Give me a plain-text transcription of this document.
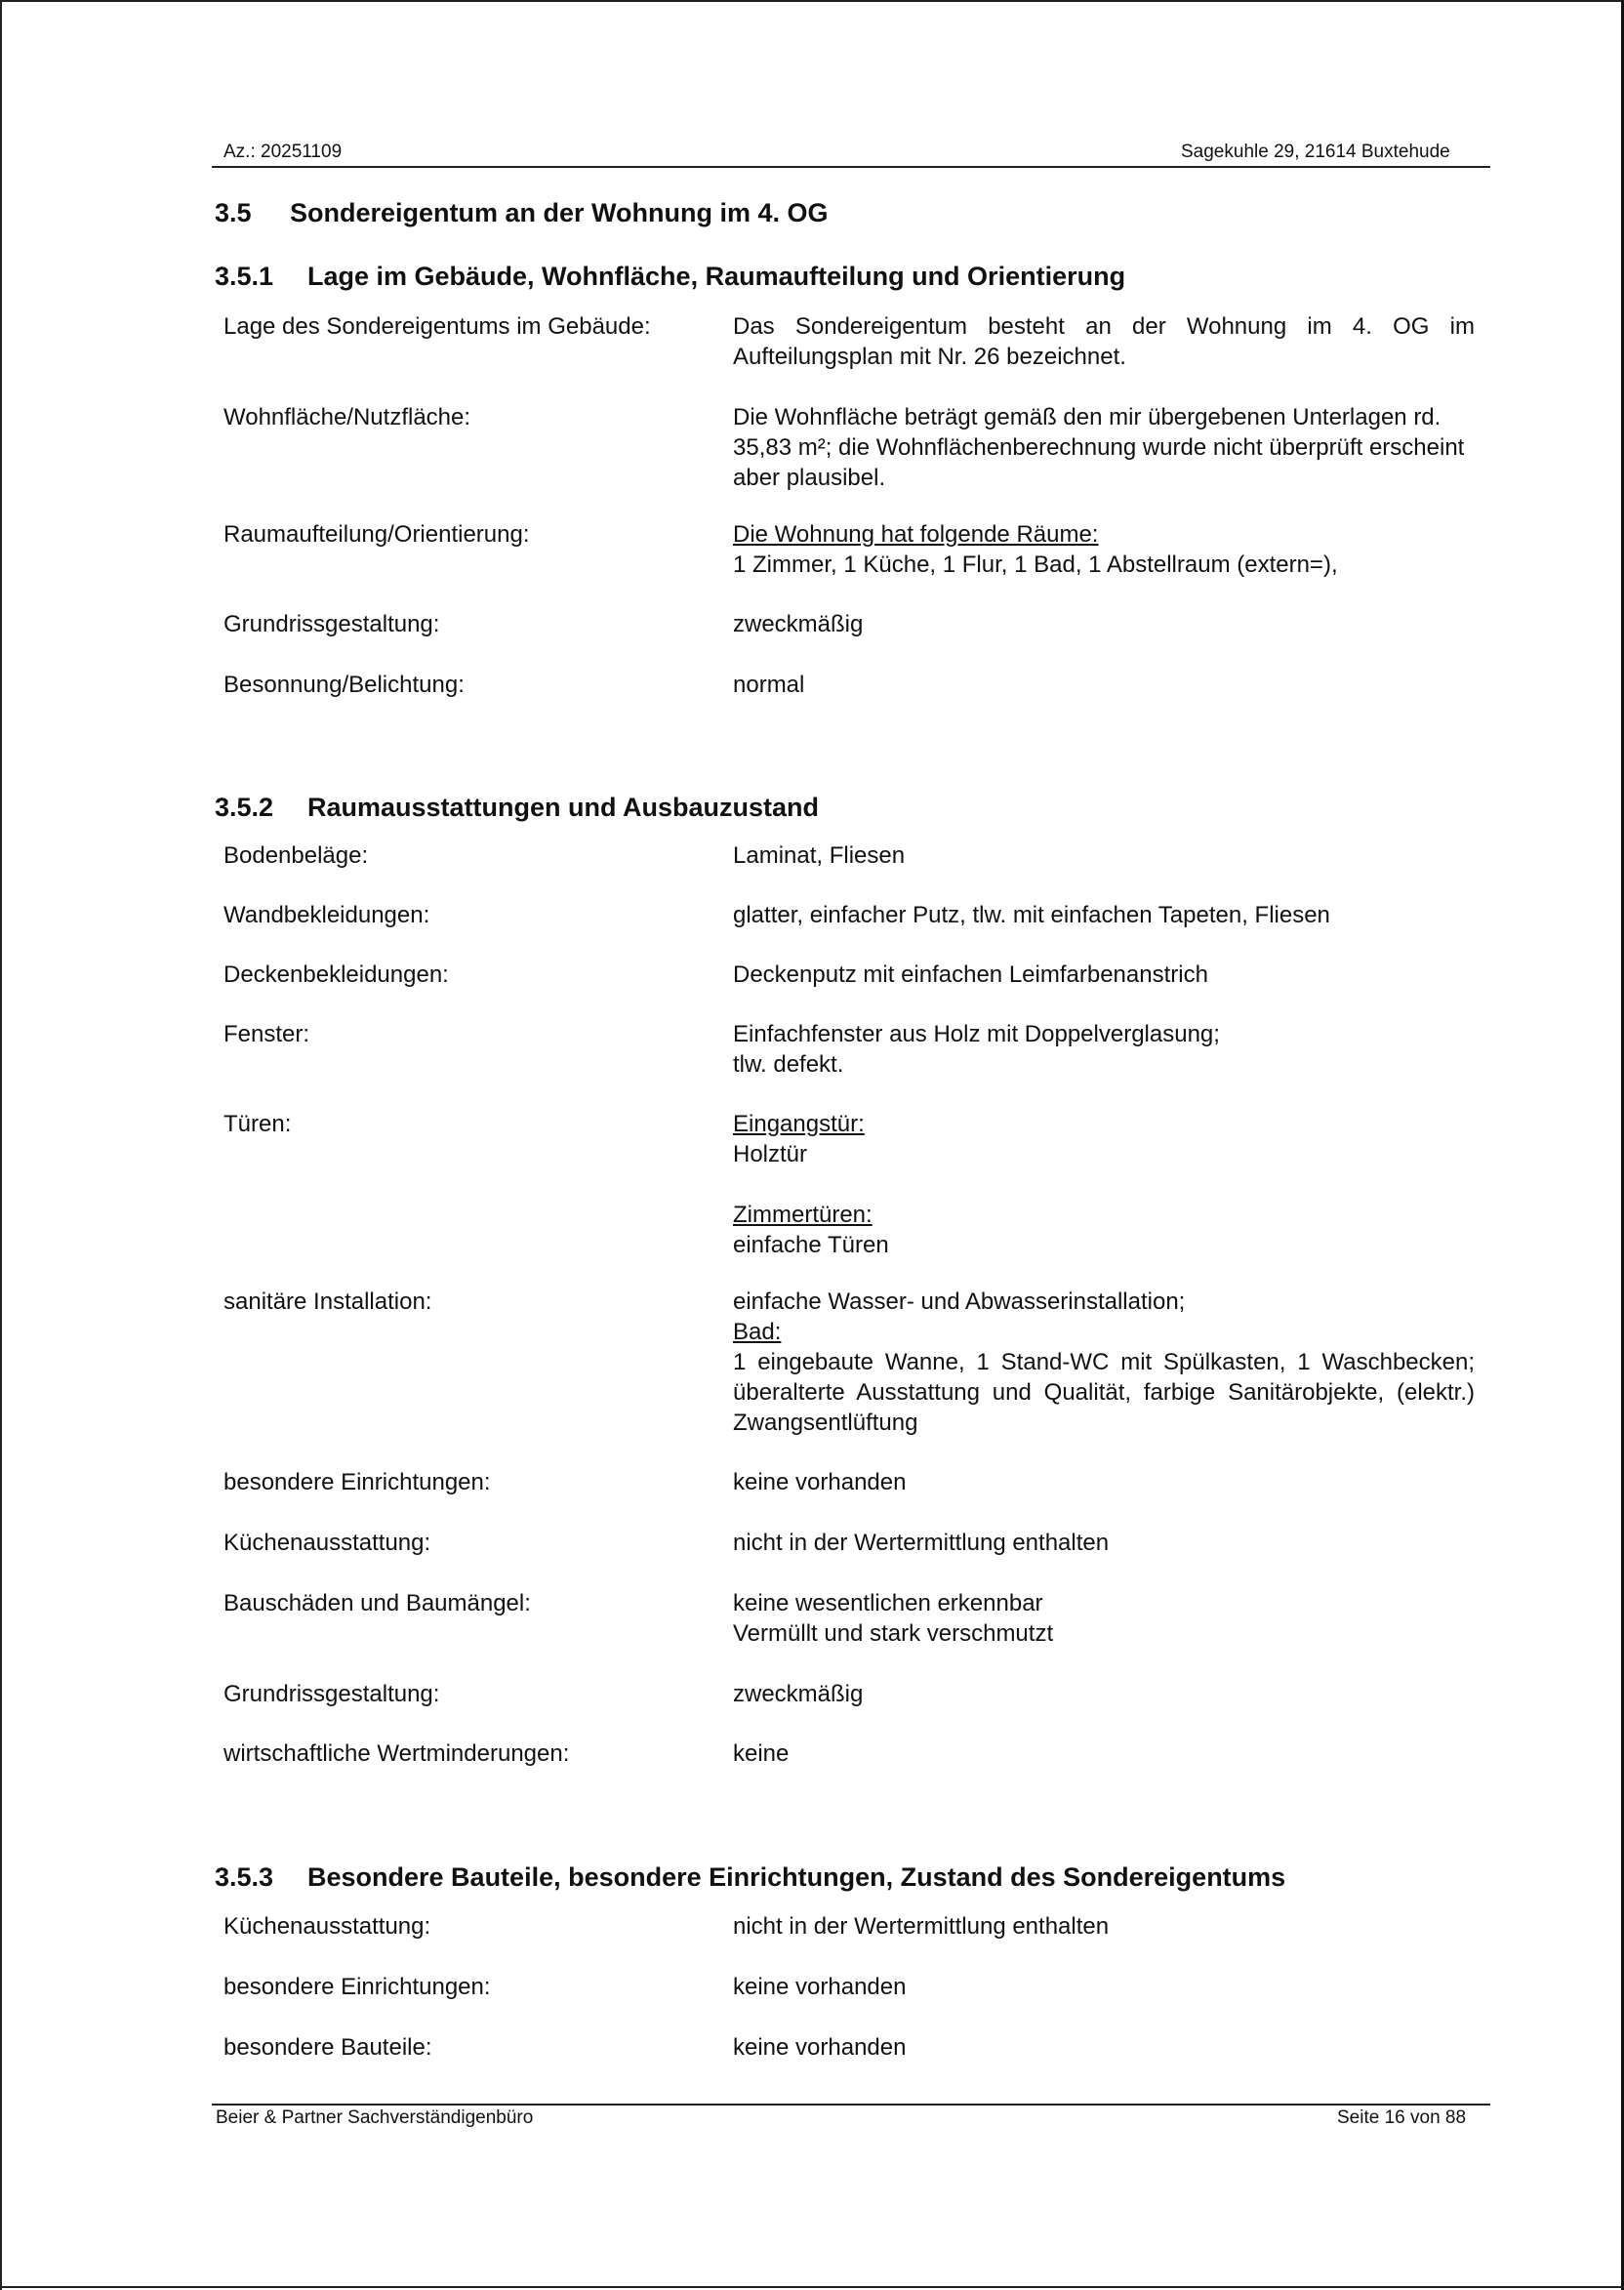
Az.: 20251109	Sagekuhle 29, 21614 Buxtehude
3.5 Sondereigentum an der Wohnung im 4. OG
3.5.1 Lage im Gebäude, Wohnfläche, Raumaufteilung und Orientierung
Lage des Sondereigentums im Gebäude:	Das Sondereigentum besteht an der Wohnung im 4. OG im Aufteilungsplan mit Nr. 26 bezeichnet.
Wohnfläche/Nutzfläche:	Die Wohnfläche beträgt gemäß den mir übergebenen Unterlagen rd. 35,83 m²; die Wohnflächenberechnung wurde nicht überprüft erscheint aber plausibel.
Raumaufteilung/Orientierung:	Die Wohnung hat folgende Räume:

1 Zimmer, 1 Küche, 1 Flur, 1 Bad, 1 Abstellraum (extern=),

Grundrissgestaltung:	zweckmäßig
Besonnung/Belichtung:	normal
3.5.2 Raumausstattungen und Ausbauzustand
Bodenbeläge:	Laminat, Fliesen
Wandbekleidungen:	glatter, einfacher Putz, tlw. mit einfachen Tapeten, Fliesen
Deckenbekleidungen:	Deckenputz mit einfachen Leimfarbenanstrich
Fenster:	Einfachfenster aus Holz mit Doppelverglasung;

tlw. defekt.

Türen:	Eingangstür:

Holztür

Zimmertüren:

einfache Türen

sanitäre Installation:	einfache Wasser- und Abwasserinstallation;

Bad:

1 eingebaute Wanne, 1 Stand-WC mit Spülkasten, 1 Waschbecken; überalterte Ausstattung und Qualität, farbige Sanitärobjekte, (elektr.) Zwangsentlüftung

besondere Einrichtungen:	keine vorhanden
Küchenausstattung:	nicht in der Wertermittlung enthalten
Bauschäden und Baumängel:	keine wesentlichen erkennbar

Vermüllt und stark verschmutzt

Grundrissgestaltung:	zweckmäßig
wirtschaftliche Wertminderungen:	keine
3.5.3 Besondere Bauteile, besondere Einrichtungen, Zustand des Sondereigentums
Küchenausstattung:	nicht in der Wertermittlung enthalten
besondere Einrichtungen:	keine vorhanden
besondere Bauteile:	keine vorhanden
Beier & Partner Sachverständigenbüro	Seite 16 von 88
